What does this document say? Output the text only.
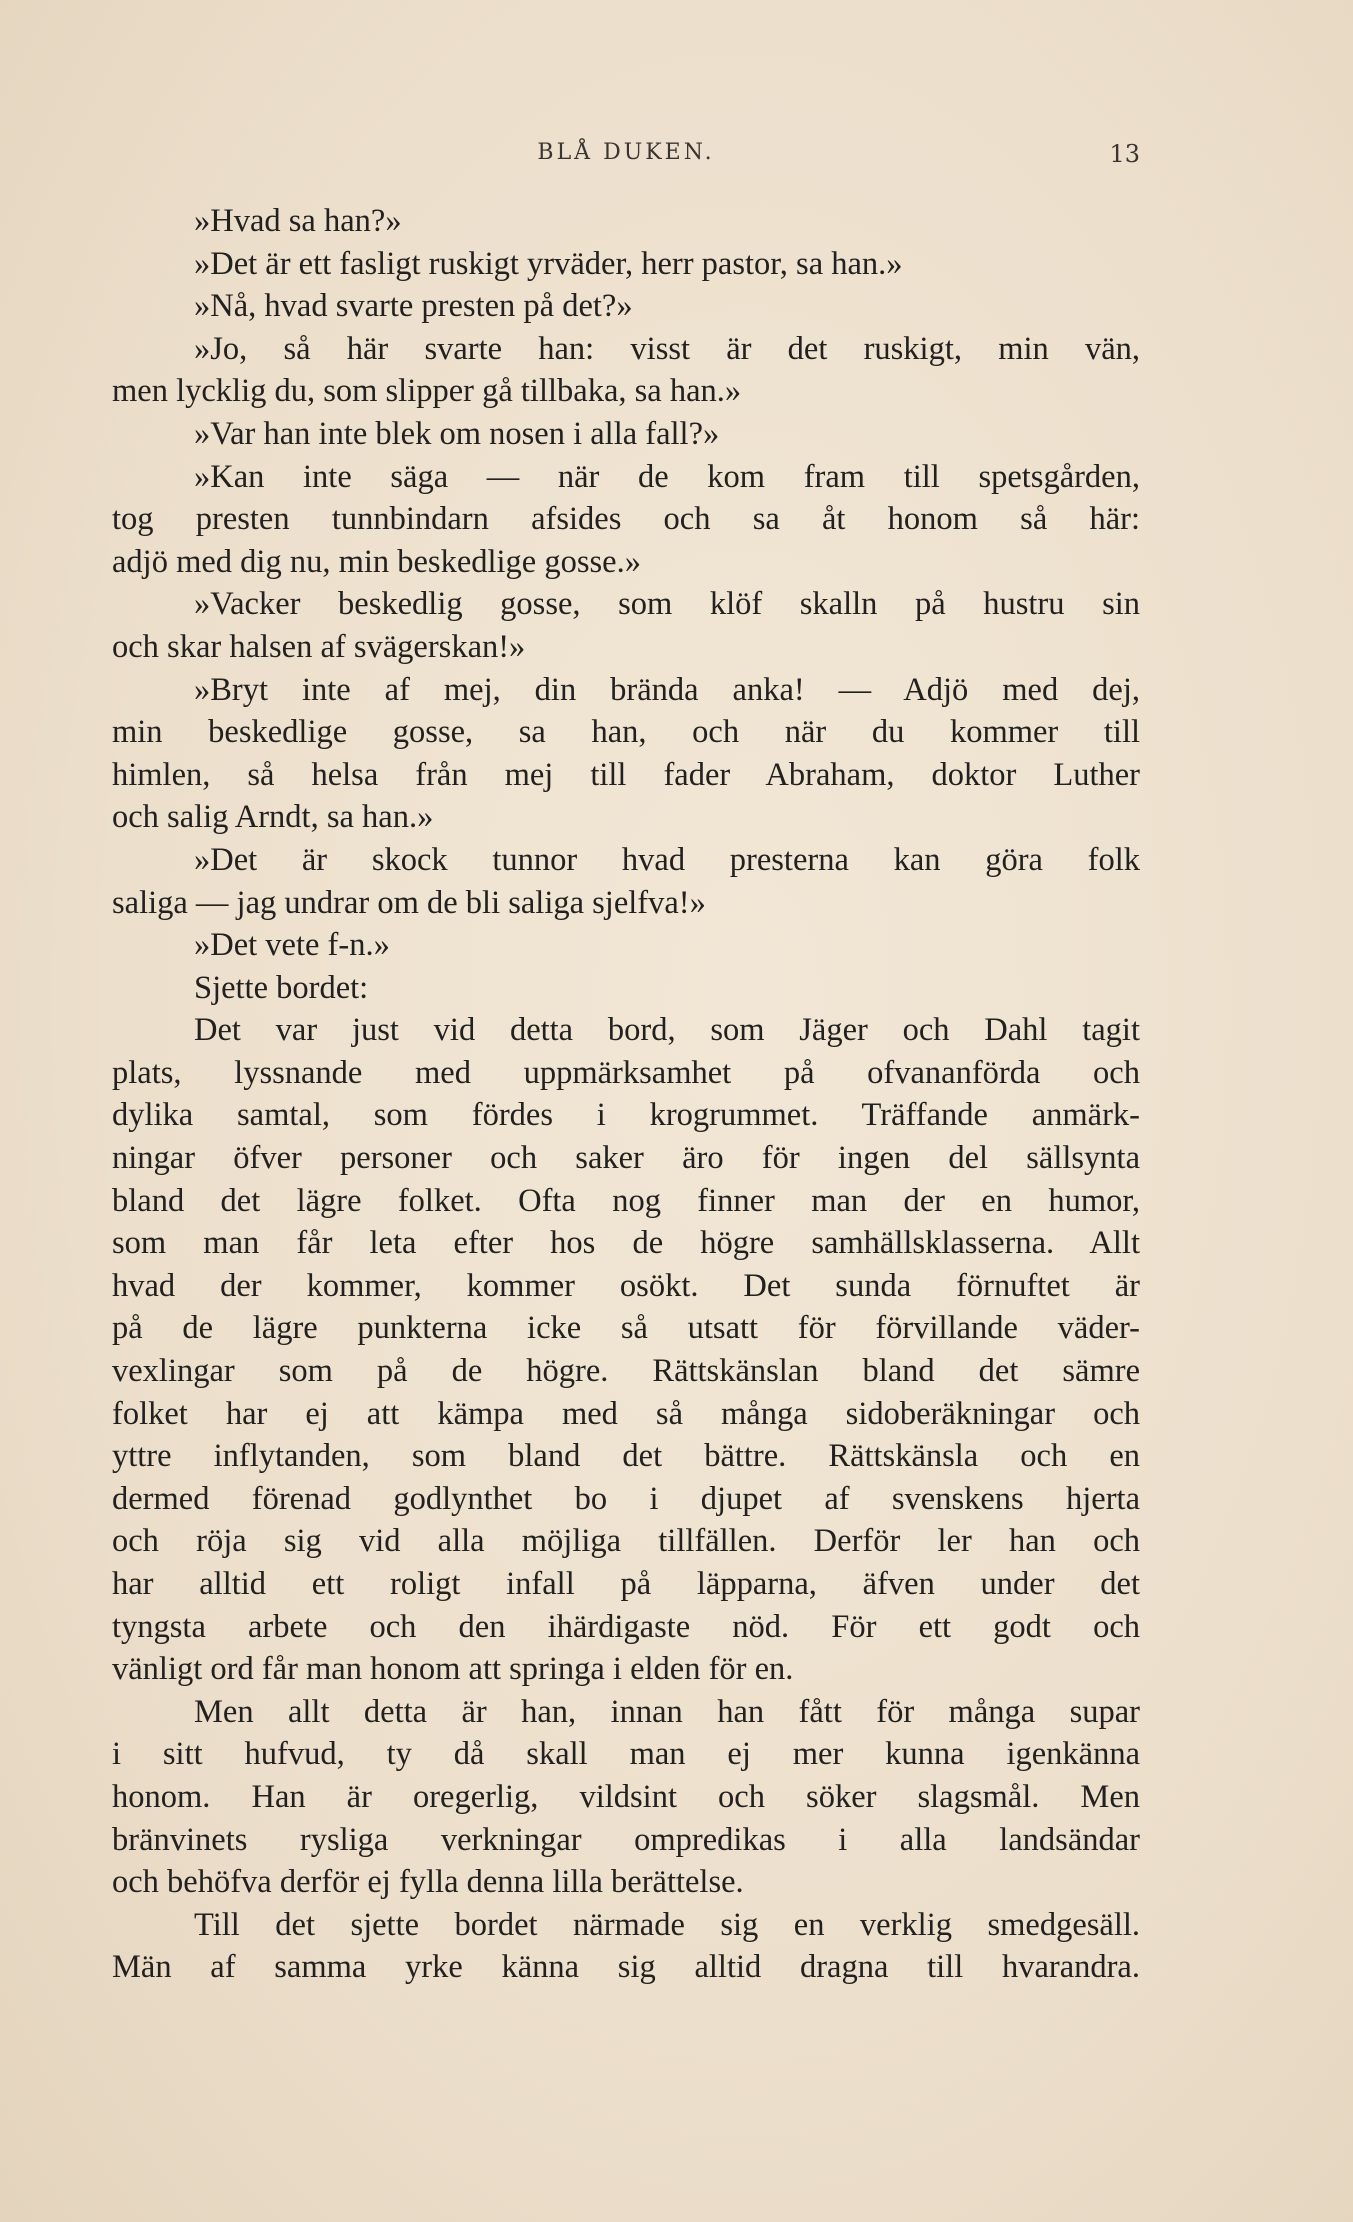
BLÅ DUKEN.	13
»Hvad sa han?»
»Det är ett fasligt ruskigt yrväder, herr pastor, sa han.»
»Nå, hvad svarte presten på det?»
»Jo, så här svarte han: visst är det ruskigt, min vän,
men lycklig du, som slipper gå tillbaka, sa han.»
»Var han inte blek om nosen i alla fall?»
»Kan inte säga — när de kom fram till spetsgården,
tog presten tunnbindarn afsides och sa åt honom så här:
adjö med dig nu, min beskedlige gosse.»
»Vacker beskedlig gosse, som klöf skalln på hustru sin
och skar halsen af svägerskan!»
»Bryt inte af mej, din brända anka! — Adjö med dej,
min beskedlige gosse, sa han, och när du kommer till
himlen, så helsa från mej till fader Abraham, doktor Luther
och salig Arndt, sa han.»
»Det är skock tunnor hvad presterna kan göra folk
saliga — jag undrar om de bli saliga sjelfva!»
»Det vete f-n.»
Sjette bordet:
Det var just vid detta bord, som Jäger och Dahl tagit
plats, lyssnande med uppmärksamhet på ofvananförda och
dylika samtal, som fördes i krogrummet. Träffande anmärk-
ningar öfver personer och saker äro för ingen del sällsynta
bland det lägre folket. Ofta nog finner man der en humor,
som man får leta efter hos de högre samhällsklasserna. Allt
hvad der kommer, kommer osökt. Det sunda förnuftet är
på de lägre punkterna icke så utsatt för förvillande väder-
vexlingar som på de högre. Rättskänslan bland det sämre
folket har ej att kämpa med så många sidoberäkningar och
yttre inflytanden, som bland det bättre. Rättskänsla och en
dermed förenad godlynthet bo i djupet af svenskens hjerta
och röja sig vid alla möjliga tillfällen. Derför ler han och
har alltid ett roligt infall på läpparna, äfven under det
tyngsta arbete och den ihärdigaste nöd. För ett godt och
vänligt ord får man honom att springa i elden för en.
Men allt detta är han, innan han fått för många supar
i sitt hufvud, ty då skall man ej mer kunna igenkänna
honom. Han är oregerlig, vildsint och söker slagsmål. Men
bränvinets rysliga verkningar ompredikas i alla landsändar
och behöfva derför ej fylla denna lilla berättelse.
Till det sjette bordet närmade sig en verklig smedgesäll.
Män af samma yrke känna sig alltid dragna till hvarandra.
